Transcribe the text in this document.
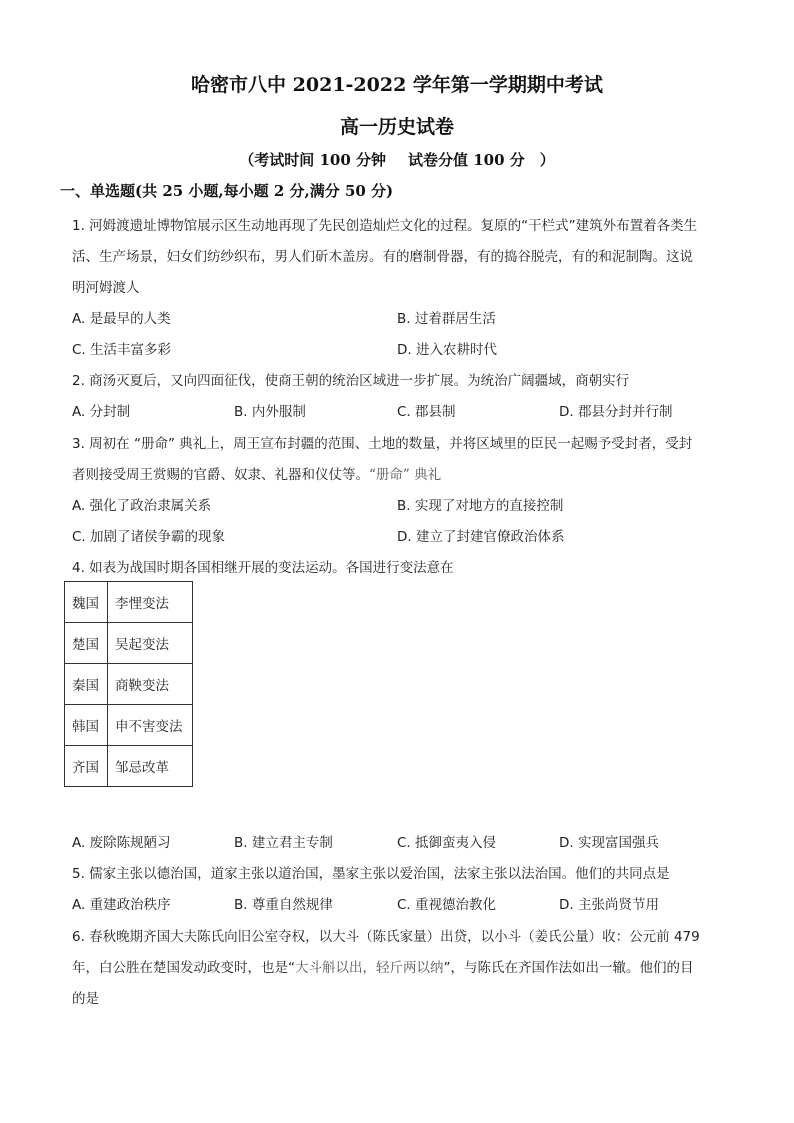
哈密市八中 2021-2022 学年第一学期期中考试
高一历史试卷
（考试时间 100 分钟 试卷分值 100 分　）
一、单选题(共 25 小题,每小题 2 分,满分 50 分)
1. 河姆渡遗址博物馆展示区生动地再现了先民创造灿烂文化的过程。复原的“干栏式”建筑外布置着各类生
活、生产场景，妇女们纺纱织布，男人们斫木盖房。有的磨制骨器，有的捣谷脱壳，有的和泥制陶。这说
明河姆渡人
A. 是最早的人类	B. 过着群居生活
C. 生活丰富多彩	D. 进入农耕时代
2. 商汤灭夏后，又向四面征伐，使商王朝的统治区域进一步扩展。为统治广阔疆域，商朝实行
A. 分封制	B. 内外服制	C. 郡县制	D. 郡县分封并行制
3. 周初在 “册命” 典礼上，周王宣布封疆的范围、土地的数量，并将区域里的臣民一起赐予受封者，受封
者则接受周王赏赐的官爵、奴隶、礼器和仪仗等。“册命” 典礼
A. 强化了政治隶属关系	B. 实现了对地方的直接控制
C. 加剧了诸侯争霸的现象	D. 建立了封建官僚政治体系
4. 如表为战国时期各国相继开展的变法运动。各国进行变法意在
魏国	李悝变法
楚国	吴起变法
秦国	商鞅变法
韩国	申不害变法
齐国	邹忌改革
A. 废除陈规陋习	B. 建立君主专制	C. 抵御蛮夷入侵	D. 实现富国强兵
5. 儒家主张以德治国，道家主张以道治国，墨家主张以爱治国，法家主张以法治国。他们的共同点是
A. 重建政治秩序	B. 尊重自然规律	C. 重视德治教化	D. 主张尚贤节用
6. 春秋晚期齐国大夫陈氏向旧公室夺权，以大斗（陈氏家量）出贷，以小斗（姜氏公量）收：公元前 479
年，白公胜在楚国发动政变时，也是“大斗斛以出，轻斤两以纳”，与陈氏在齐国作法如出一辙。他们的目
的是
